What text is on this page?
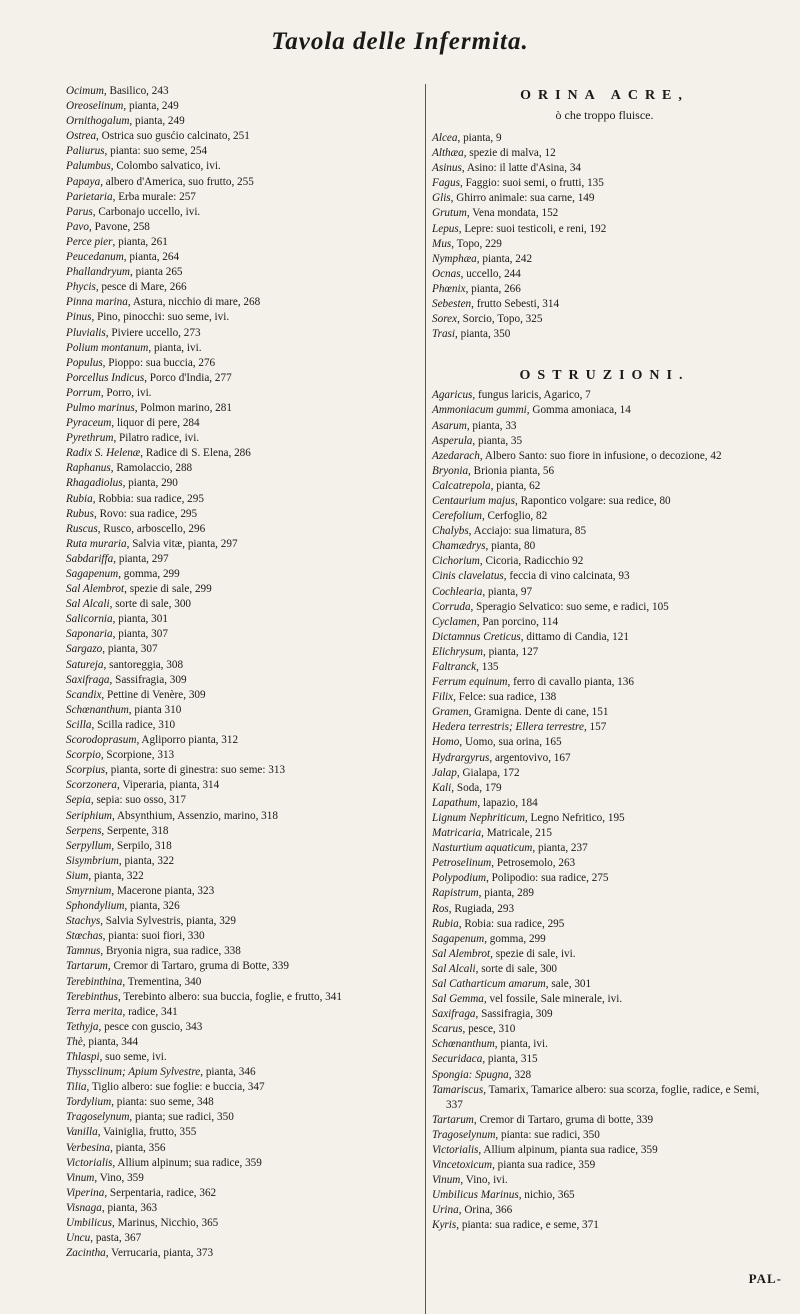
Tavola delle Infermita.
Ocimum, Basilico, 243
Oreoselinum, pianta, 249
Ornithogalum, pianta, 249
Ostrea, Ostrica suo gusćio calcinato, 251
Paliurus, pianta: suo seme, 254
Palumbus, Colombo salvatico, ivi.
Papaya, albero d'America, suo frutto, 255
Parietaria, Erba murale: 257
Parus, Carbonajo uccello, ivi.
Pavo, Pavone, 258
Perce pier, pianta, 261
Peucedanum, pianta, 264
Phallandryum, pianta 265
Phycis, pesce di Mare, 266
Pinna marina, Astura, nicchio di mare, 268
Pinus, Pino, pinocchi: suo seme, ivi.
Pluvialis, Piviere uccello, 273
Polium montanum, pianta, ivi.
Populus, Pioppo: sua buccia, 276
Porcellus Indicus, Porco d'India, 277
Porrum, Porro, ivi.
Pulmo marinus, Polmon marino, 281
Pyraceum, liquor di pere, 284
Pyrethrum, Pilatro radice, ivi.
Radix S. Helenæ, Radice di S. Elena, 286
Raphanus, Ramolaccio, 288
Rhagadiolus, pianta, 290
Rubia, Robbia: sua radice, 295
Rubus, Rovo: sua radice, 295
Ruscus, Rusco, arboscello, 296
Ruta muraria, Salvia vitæ, pianta, 297
Sabdariffa, pianta, 297
Sagapenum, gomma, 299
Sal Alembrot, spezie di sale, 299
Sal Alcali, sorte di sale, 300
Salicornia, pianta, 301
Saponaria, pianta, 307
Sargazo, pianta, 307
Satureja, santoreggia, 308
Saxifraga, Sassifragia, 309
Scandix, Pettine di Venère, 309
Schœnanthum, pianta 310
Scilla, Scilla radice, 310
Scorodoprasum, Agliporro pianta, 312
Scorpio, Scorpione, 313
Scorpius, pianta, sorte di ginestra: suo seme: 313
Scorzonera, Viperaria, pianta, 314
Sepia, sepia: suo osso, 317
Seriphium, Absynthium, Assenzio, marino, 318
Serpens, Serpente, 318
Serpyllum, Serpilo, 318
Sisymbrium, pianta, 322
Sium, pianta, 322
Smyrnium, Macerone pianta, 323
Sphondylium, pianta, 326
Stachys, Salvia Sylvestris, pianta, 329
Stœchas, pianta: suoi fiori, 330
Tamnus, Bryonia nigra, sua radice, 338
Tartarum, Cremor di Tartaro, gruma di Botte, 339
Terebinthina, Trementina, 340
Terebinthus, Terebinto albero: sua buccia, foglie, e frutto, 341
Terra merita, radice, 341
Tethyja, pesce con guscio, 343
Thè, pianta, 344
Thlaspi, suo seme, ivi.
Thyssclinum; Apium Sylvestre, pianta, 346
Tilia, Tiglio albero: sue foglie: e buccia, 347
Tordylium, pianta: suo seme, 348
Tragoselynum, pianta; sue radici, 350
Vanilla, Vainiglia, frutto, 355
Verbesina, pianta, 356
Victorialis, Allium alpinum; sua radice, 359
Vinum, Vino, 359
Viperina, Serpentaria, radice, 362
Visnaga, pianta, 363
Umbilicus, Marinus, Nicchio, 365
Uncu, pasta, 367
Zacintha, Verrucaria, pianta, 373
ORINA ACRE,
ò che troppo fluisce.
Alcea, pianta, 9
Althæa, spezie di malva, 12
Asinus, Asino: il latte d'Asina, 34
Fagus, Faggio: suoi semi, o frutti, 135
Glis, Ghirro animale: sua carne, 149
Grutum, Vena mondata, 152
Lepus, Lepre: suoi testicoli, e reni, 192
Mus, Topo, 229
Nymphæa, pianta, 242
Ocnas, uccello, 244
Phœnix, pianta, 266
Sebesten, frutto Sebesti, 314
Sorex, Sorcio, Topo, 325
Trasi, pianta, 350
OSTRUZIONI.
Agaricus, fungus laricis, Agarico, 7
Ammoniacum gummi, Gomma amoniaca, 14
Asarum, pianta, 33
Asperula, pianta, 35
Azedarach, Albero Santo: suo fiore in infusione, o decozione, 42
Bryonia, Brionia pianta, 56
Calcatrepola, pianta, 62
Centaurium majus, Rapontico volgare: sua redice, 80
Cerefolium, Cerfoglio, 82
Chalybs, Acciajo: sua limatura, 85
Chamædrys, pianta, 80
Cichorium, Cicoria, Radicchio 92
Cinis clavelatus, feccia di vino calcinata, 93
Cochlearia, pianta, 97
Corruda, Speragio Selvatico: suo seme, e radici, 105
Cyclamen, Pan porcino, 114
Dictamnus Creticus, dittamo di Candia, 121
Elichrysum, pianta, 127
Faltranck, 135
Ferrum equinum, ferro di cavallo pianta, 136
Filix, Felce: sua radice, 138
Gramen, Gramigna. Dente di cane, 151
Hedera terrestris; Ellera terrestre, 157
Homo, Uomo, sua orina, 165
Hydrargyrus, argentovivo, 167
Jalap, Gialapa, 172
Kali, Soda, 179
Lapathum, lapazio, 184
Lignum Nephriticum, Legno Nefritico, 195
Matricaria, Matricale, 215
Nasturtium aquaticum, pianta, 237
Petroselinum, Petrosemolo, 263
Polypodium, Polipodio: sua radice, 275
Rapistrum, pianta, 289
Ros, Rugiada, 293
Rubia, Robia: sua radice, 295
Sagapenum, gomma, 299
Sal Alembrot, spezie di sale, ivi.
Sal Alcali, sorte di sale, 300
Sal Catharticum amarum, sale, 301
Sal Gemma, vel fossile, Sale minerale, ivi.
Saxifraga, Sassifragia, 309
Scarus, pesce, 310
Schœnanthum, pianta, ivi.
Securidaca, pianta, 315
Spongia: Spugna, 328
Tamariscus, Tamarix, Tamarice albero: sua scorza, foglie, radice, e Semi, 337
Tartarum, Cremor di Tartaro, gruma di botte, 339
Tragoselynum, pianta: sue radici, 350
Victorialis, Allium alpinum, pianta sua radice, 359
Vincetoxicum, pianta sua radice, 359
Vinum, Vino, ivi.
Umbilicus Marinus, nichio, 365
Urina, Orina, 366
Kyris, pianta: sua radice, e seme, 371
PAL-
